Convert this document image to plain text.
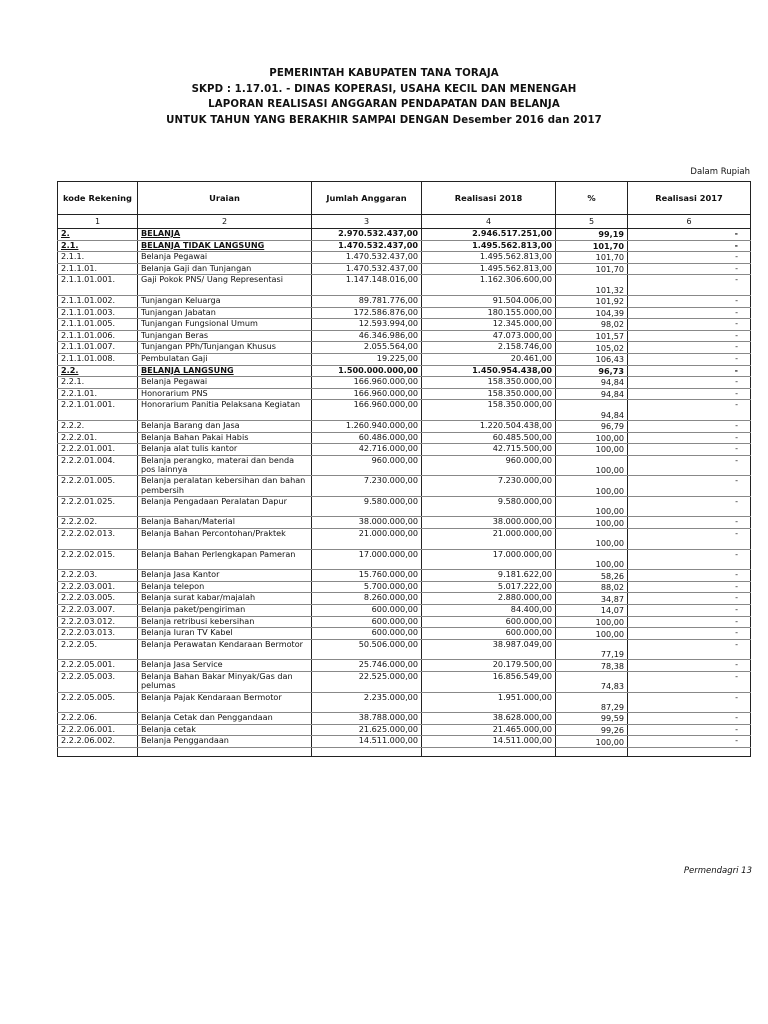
PEMERINTAH KABUPATEN TANA TORAJA
SKPD : 1.17.01. - DINAS KOPERASI, USAHA KECIL DAN MENENGAH
LAPORAN REALISASI ANGGARAN PENDAPATAN DAN BELANJA
UNTUK TAHUN YANG BERAKHIR SAMPAI DENGAN Desember 2016 dan 2017
Dalam Rupiah
kode Rekening	Uraian	Jumlah Anggaran	Realisasi 2018	%	Realisasi 2017
1	2	3	4	5	6
2.	BELANJA	2.970.532.437,00	2.946.517.251,00	99,19	-
2.1.	BELANJA TIDAK LANGSUNG	1.470.532.437,00	1.495.562.813,00	101,70	-
2.1.1.	Belanja Pegawai	1.470.532.437,00	1.495.562.813,00	101,70	-
2.1.1.01.	Belanja Gaji dan Tunjangan	1.470.532.437,00	1.495.562.813,00	101,70	-
2.1.1.01.001.	Gaji Pokok PNS/ Uang Representasi	1.147.148.016,00	1.162.306.600,00	101,32	-
2.1.1.01.002.	Tunjangan Keluarga	89.781.776,00	91.504.006,00	101,92	-
2.1.1.01.003.	Tunjangan Jabatan	172.586.876,00	180.155.000,00	104,39	-
2.1.1.01.005.	Tunjangan Fungsional Umum	12.593.994,00	12.345.000,00	98,02	-
2.1.1.01.006.	Tunjangan Beras	46.346.986,00	47.073.000,00	101,57	-
2.1.1.01.007.	Tunjangan PPh/Tunjangan Khusus	2.055.564,00	2.158.746,00	105,02	-
2.1.1.01.008.	Pembulatan Gaji	19.225,00	20.461,00	106,43	-
2.2.	BELANJA LANGSUNG	1.500.000.000,00	1.450.954.438,00	96,73	-
2.2.1.	Belanja Pegawai	166.960.000,00	158.350.000,00	94,84	-
2.2.1.01.	Honorarium PNS	166.960.000,00	158.350.000,00	94,84	-
2.2.1.01.001.	Honorarium Panitia Pelaksana Kegiatan	166.960.000,00	158.350.000,00	94,84	-
2.2.2.	Belanja Barang dan Jasa	1.260.940.000,00	1.220.504.438,00	96,79	-
2.2.2.01.	Belanja Bahan Pakai Habis	60.486.000,00	60.485.500,00	100,00	-
2.2.2.01.001.	Belanja alat tulis kantor	42.716.000,00	42.715.500,00	100,00	-
2.2.2.01.004.	Belanja perangko, materai dan benda pos lainnya	960.000,00	960.000,00	100,00	-
2.2.2.01.005.	Belanja peralatan kebersihan dan bahan pembersih	7.230.000,00	7.230.000,00	100,00	-
2.2.2.01.025.	Belanja Pengadaan Peralatan Dapur	9.580.000,00	9.580.000,00	100,00	-
2.2.2.02.	Belanja Bahan/Material	38.000.000,00	38.000.000,00	100,00	-
2.2.2.02.013.	Belanja Bahan Percontohan/Praktek	21.000.000,00	21.000.000,00	100,00	-
2.2.2.02.015.	Belanja Bahan Perlengkapan Pameran	17.000.000,00	17.000.000,00	100,00	-
2.2.2.03.	Belanja Jasa Kantor	15.760.000,00	9.181.622,00	58,26	-
2.2.2.03.001.	Belanja telepon	5.700.000,00	5.017.222,00	88,02	-
2.2.2.03.005.	Belanja surat kabar/majalah	8.260.000,00	2.880.000,00	34,87	-
2.2.2.03.007.	Belanja paket/pengiriman	600.000,00	84.400,00	14,07	-
2.2.2.03.012.	Belanja retribusi kebersihan	600.000,00	600.000,00	100,00	-
2.2.2.03.013.	Belanja Iuran TV Kabel	600.000,00	600.000,00	100,00	-
2.2.2.05.	Belanja Perawatan Kendaraan Bermotor	50.506.000,00	38.987.049,00	77,19	-
2.2.2.05.001.	Belanja Jasa Service	25.746.000,00	20.179.500,00	78,38	-
2.2.2.05.003.	Belanja Bahan Bakar Minyak/Gas dan pelumas	22.525.000,00	16.856.549,00	74,83	-
2.2.2.05.005.	Belanja Pajak Kendaraan Bermotor	2.235.000,00	1.951.000,00	87,29	-
2.2.2.06.	Belanja Cetak dan Penggandaan	38.788.000,00	38.628.000,00	99,59	-
2.2.2.06.001.	Belanja cetak	21.625.000,00	21.465.000,00	99,26	-
2.2.2.06.002.	Belanja Penggandaan	14.511.000,00	14.511.000,00	100,00	-

Permendagri 13
